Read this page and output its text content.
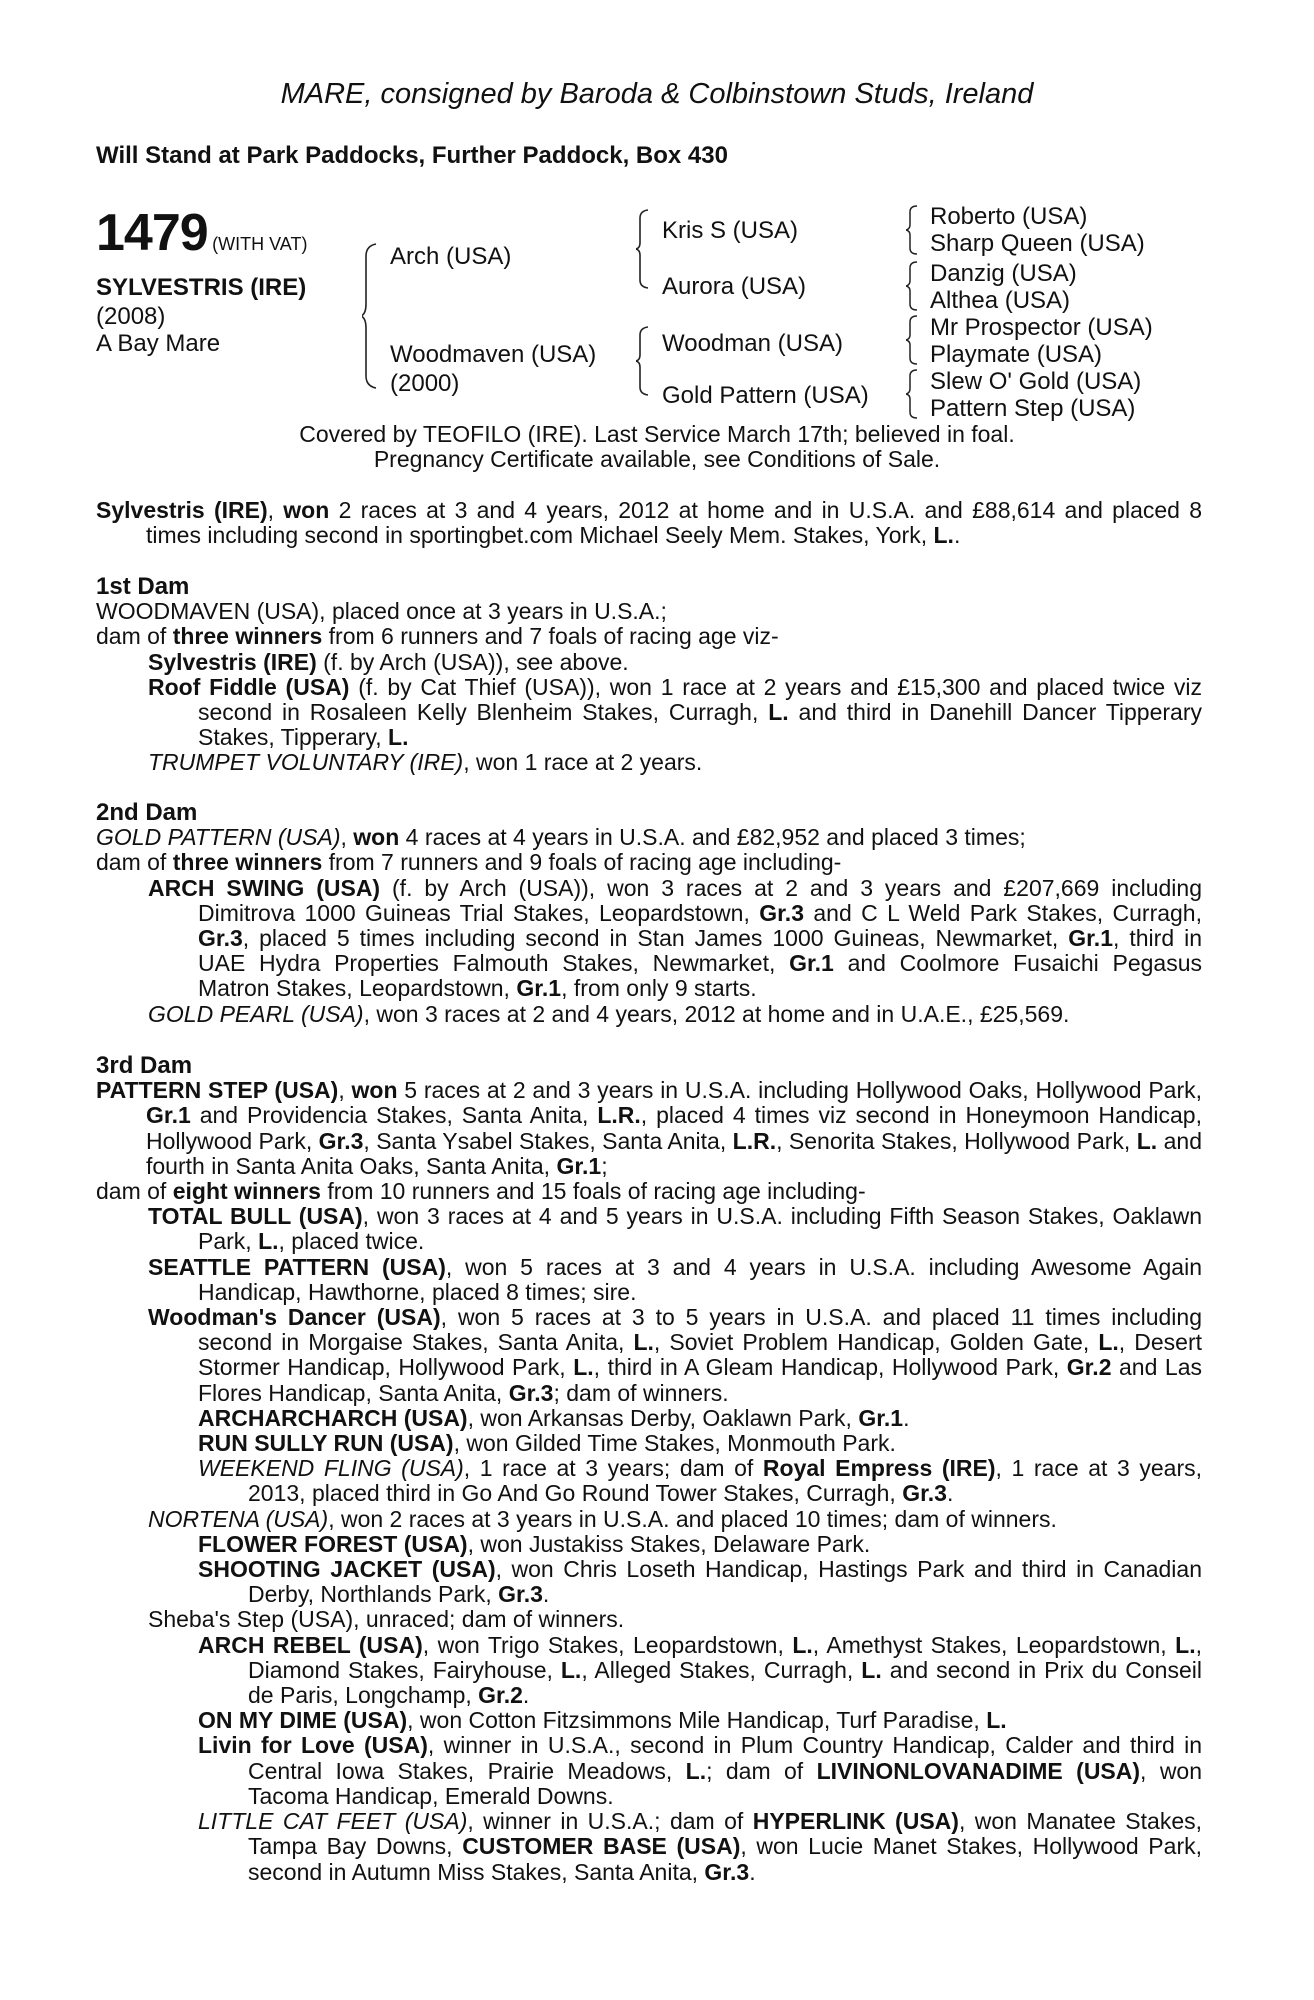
MARE, consigned by Baroda & Colbinstown Studs, Ireland
Will Stand at Park Paddocks, Further Paddock, Box 430
1479 (WITH VAT)
SYLVESTRIS (IRE)
(2008)
A Bay Mare
Arch (USA)
Woodmaven (USA)
(2000)
Kris S (USA)
Aurora (USA)
Woodman (USA)
Gold Pattern (USA)
Roberto (USA)
Sharp Queen (USA)
Danzig (USA)
Althea (USA)
Mr Prospector (USA)
Playmate (USA)
Slew O' Gold (USA)
Pattern Step (USA)
Covered by TEOFILO (IRE). Last Service March 17th; believed in foal.
Pregnancy Certificate available, see Conditions of Sale.

Sylvestris (IRE), won 2 races at 3 and 4 years, 2012 at home and in U.S.A. and £88,614 and placed 8 times including second in sportingbet.com Michael Seely Mem. Stakes, York, L..

1st Dam

WOODMAVEN (USA), placed once at 3 years in U.S.A.;

dam of three winners from 6 runners and 7 foals of racing age viz-

Sylvestris (IRE) (f. by Arch (USA)), see above.

Roof Fiddle (USA) (f. by Cat Thief (USA)), won 1 race at 2 years and £15,300 and placed twice viz second in Rosaleen Kelly Blenheim Stakes, Curragh, L. and third in Danehill Dancer Tipperary Stakes, Tipperary, L.

TRUMPET VOLUNTARY (IRE), won 1 race at 2 years.

2nd Dam

GOLD PATTERN (USA), won 4 races at 4 years in U.S.A. and £82,952 and placed 3 times;

dam of three winners from 7 runners and 9 foals of racing age including-

ARCH SWING (USA) (f. by Arch (USA)), won 3 races at 2 and 3 years and £207,669 including Dimitrova 1000 Guineas Trial Stakes, Leopardstown, Gr.3 and C L Weld Park Stakes, Curragh, Gr.3, placed 5 times including second in Stan James 1000 Guineas, Newmarket, Gr.1, third in UAE Hydra Properties Falmouth Stakes, Newmarket, Gr.1 and Coolmore Fusaichi Pegasus Matron Stakes, Leopardstown, Gr.1, from only 9 starts.

GOLD PEARL (USA), won 3 races at 2 and 4 years, 2012 at home and in U.A.E., £25,569.

3rd Dam

PATTERN STEP (USA), won 5 races at 2 and 3 years in U.S.A. including Hollywood Oaks, Hollywood Park, Gr.1 and Providencia Stakes, Santa Anita, L.R., placed 4 times viz second in Honeymoon Handicap, Hollywood Park, Gr.3, Santa Ysabel Stakes, Santa Anita, L.R., Senorita Stakes, Hollywood Park, L. and fourth in Santa Anita Oaks, Santa Anita, Gr.1;

dam of eight winners from 10 runners and 15 foals of racing age including-

TOTAL BULL (USA), won 3 races at 4 and 5 years in U.S.A. including Fifth Season Stakes, Oaklawn Park, L., placed twice.

SEATTLE PATTERN (USA), won 5 races at 3 and 4 years in U.S.A. including Awesome Again Handicap, Hawthorne, placed 8 times; sire.

Woodman's Dancer (USA), won 5 races at 3 to 5 years in U.S.A. and placed 11 times including second in Morgaise Stakes, Santa Anita, L., Soviet Problem Handicap, Golden Gate, L., Desert Stormer Handicap, Hollywood Park, L., third in A Gleam Handicap, Hollywood Park, Gr.2 and Las Flores Handicap, Santa Anita, Gr.3; dam of winners.

ARCHARCHARCH (USA), won Arkansas Derby, Oaklawn Park, Gr.1.

RUN SULLY RUN (USA), won Gilded Time Stakes, Monmouth Park.

WEEKEND FLING (USA), 1 race at 3 years; dam of Royal Empress (IRE), 1 race at 3 years, 2013, placed third in Go And Go Round Tower Stakes, Curragh, Gr.3.

NORTENA (USA), won 2 races at 3 years in U.S.A. and placed 10 times; dam of winners.

FLOWER FOREST (USA), won Justakiss Stakes, Delaware Park.

SHOOTING JACKET (USA), won Chris Loseth Handicap, Hastings Park and third in Canadian Derby, Northlands Park, Gr.3.

Sheba's Step (USA), unraced; dam of winners.

ARCH REBEL (USA), won Trigo Stakes, Leopardstown, L., Amethyst Stakes, Leopardstown, L., Diamond Stakes, Fairyhouse, L., Alleged Stakes, Curragh, L. and second in Prix du Conseil de Paris, Longchamp, Gr.2.

ON MY DIME (USA), won Cotton Fitzsimmons Mile Handicap, Turf Paradise, L.

Livin for Love (USA), winner in U.S.A., second in Plum Country Handicap, Calder and third in Central Iowa Stakes, Prairie Meadows, L.; dam of LIVINONLOVANADIME (USA), won Tacoma Handicap, Emerald Downs.

LITTLE CAT FEET (USA), winner in U.S.A.; dam of HYPERLINK (USA), won Manatee Stakes, Tampa Bay Downs, CUSTOMER BASE (USA), won Lucie Manet Stakes, Hollywood Park, second in Autumn Miss Stakes, Santa Anita, Gr.3.
